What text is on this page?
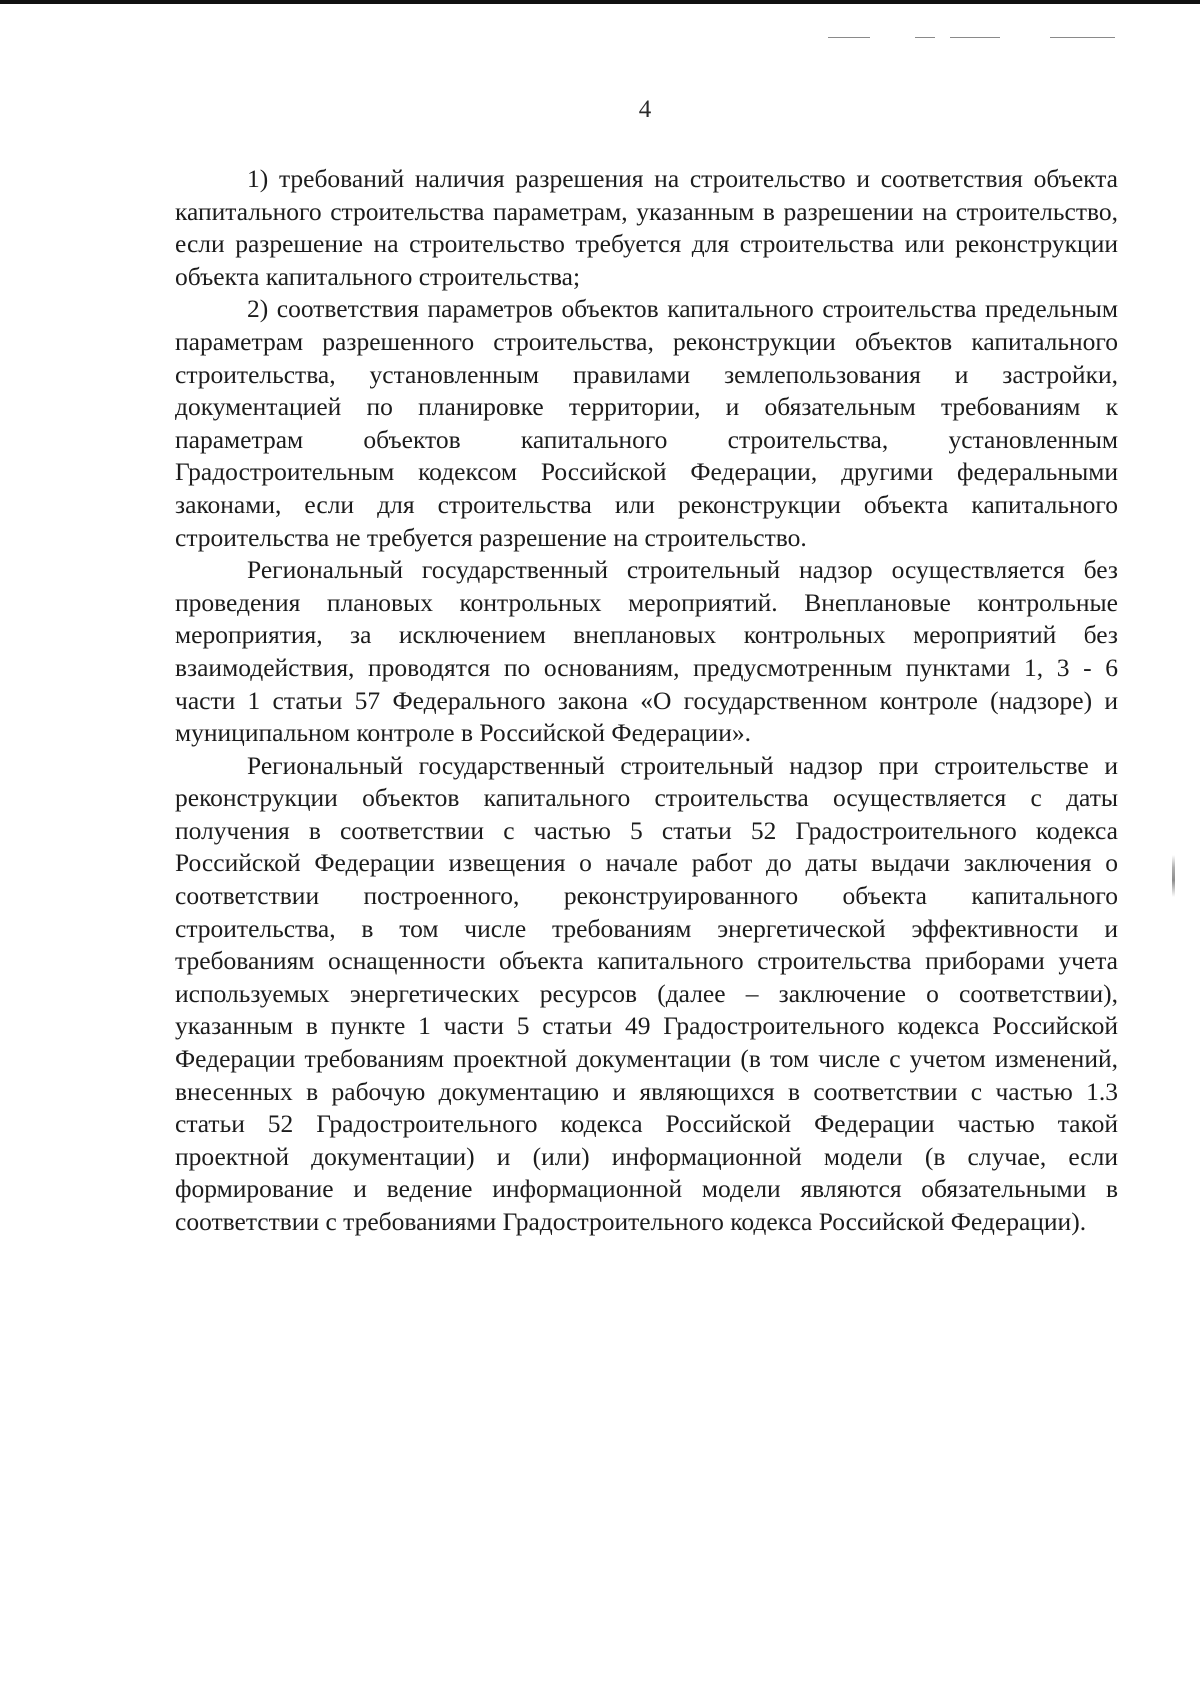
4

1) требований наличия разрешения на строительство и соответствия объекта капитального строительства параметрам, указанным в разрешении на строительство, если разрешение на строительство требуется для строительства или реконструкции объекта капитального строительства;

2) соответствия параметров объектов капитального строительства предельным параметрам разрешенного строительства, реконструкции объектов капитального строительства, установленным правилами землепользования и застройки, документацией по планировке территории, и обязательным требованиям к параметрам объектов капитального строительства, установленным Градостроительным кодексом Российской Федерации, другими федеральными законами, если для строительства или реконструкции объекта капитального строительства не требуется разрешение на строительство.

Региональный государственный строительный надзор осуществляется без проведения плановых контрольных мероприятий. Внеплановые контрольные мероприятия, за исключением внеплановых контрольных мероприятий без взаимодействия, проводятся по основаниям, предусмотренным пунктами 1, 3 - 6 части 1 статьи 57 Федерального закона «О государственном контроле (надзоре) и муниципальном контроле в Российской Федерации».

Региональный государственный строительный надзор при строительстве и реконструкции объектов капитального строительства осуществляется с даты получения в соответствии с частью 5 статьи 52 Градостроительного кодекса Российской Федерации извещения о начале работ до даты выдачи заключения о соответствии построенного, реконструированного объекта капитального строительства, в том числе требованиям энергетической эффективности и требованиям оснащенности объекта капитального строительства приборами учета используемых энергетических ресурсов (далее – заключение о соответствии), указанным в пункте 1 части 5 статьи 49 Градостроительного кодекса Российской Федерации требованиям проектной документации (в том числе с учетом изменений, внесенных в рабочую документацию и являющихся в соответствии с частью 1.3 статьи 52 Градостроительного кодекса Российской Федерации частью такой проектной документации) и (или) информационной модели (в случае, если формирование и ведение информационной модели являются обязательными в соответствии с требованиями Градостроительного кодекса Российской Федерации).
